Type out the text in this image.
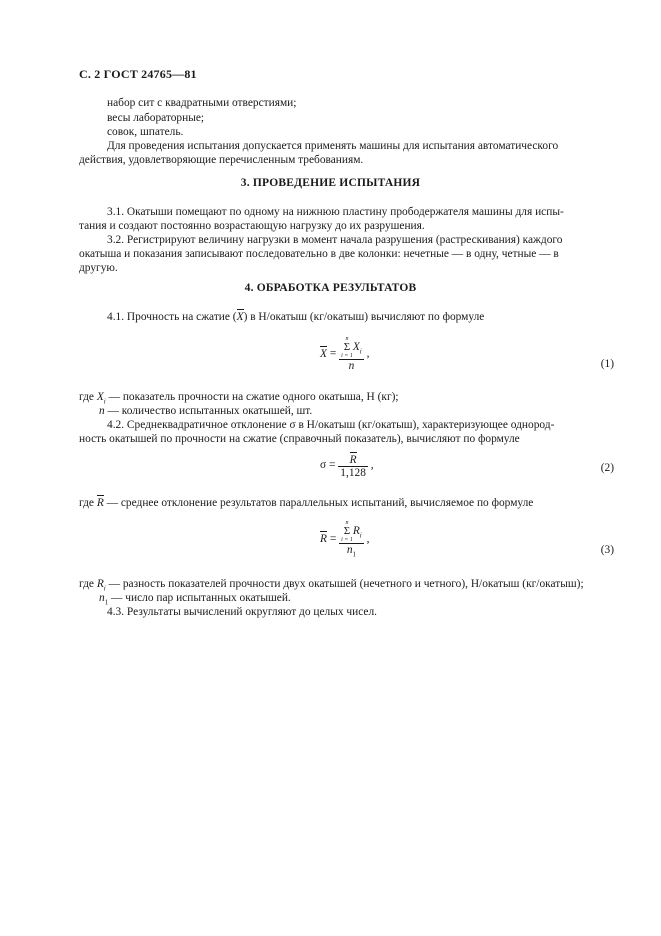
С. 2 ГОСТ 24765—81
набор сит с квадратными отверстиями;
весы лабораторные;
совок, шпатель.
Для проведения испытания допускается применять машины для испытания автоматического
действия, удовлетворяющие перечисленным требованиям.
3. ПРОВЕДЕНИЕ ИСПЫТАНИЯ
3.1. Окатыши помещают по одному на нижнюю пластину прободержателя машины для испы-
тания и создают постоянно возрастающую нагрузку до их разрушения.
3.2. Регистрируют величину нагрузки в момент начала разрушения (растрескивания) каждого
окатыша и показания записывают последовательно в две колонки: нечетные — в одну, четные — в
другую.
4. ОБРАБОТКА РЕЗУЛЬТАТОВ
4.1. Прочность на сжатие (X) в Н/окатыш (кг/окатыш) вычисляют по формуле
X = n
Σ
i = 1
$X_i$
n ,
(1)
где $X_i$ — показатель прочности на сжатие одного окатыша, Н (кг);
n — количество испытанных окатышей, шт.
4.2. Среднеквадратичное отклонение σ в Н/окатыш (кг/окатыш), характеризующее одноpод-
ность окатышей по прочности на сжатие (справочный показатель), вычисляют по формуле
$\sigma = \frac{R}{1,128}$ ,	(2)
где R — среднее отклонение результатов параллельных испытаний, вычисляемое по формуле
R = n
Σ
i = 1
$R_i$
$n_1$ ,
(3)
где $R_i$ — разность показателей прочности двух окатышей (нечетного и четного), Н/окатыш (кг/окатыш);
$n_1$ — число пар испытанных окатышей.
4.3. Результаты вычислений округляют до целых чисел.
